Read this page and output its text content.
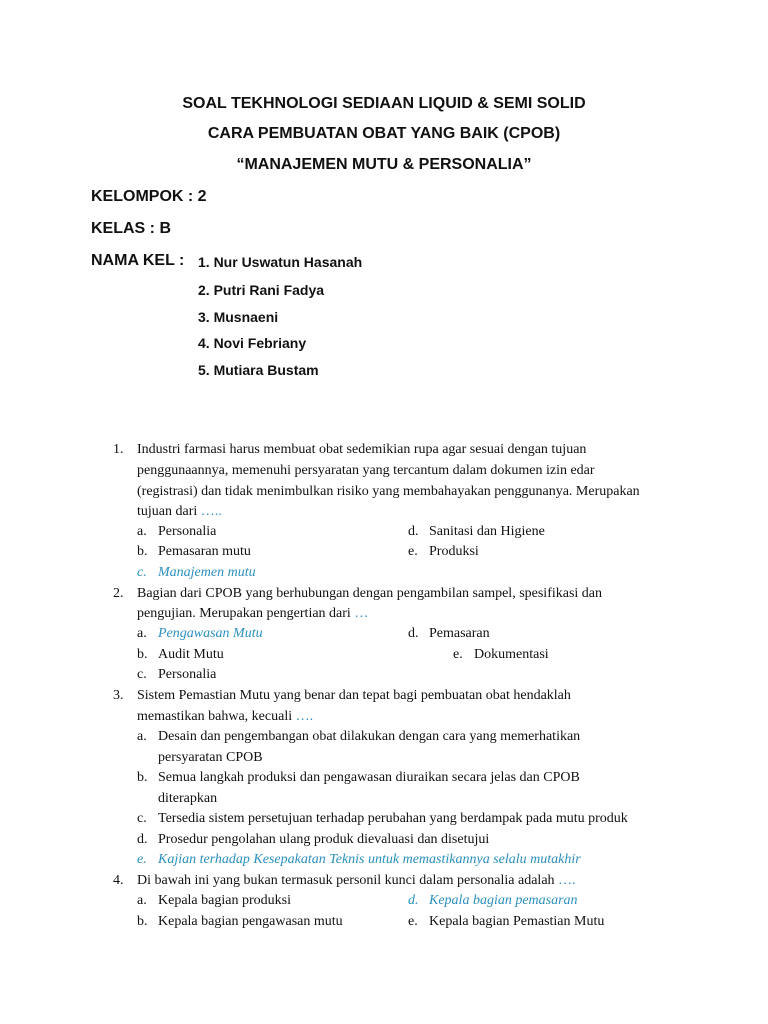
SOAL TEKHNOLOGI SEDIAAN LIQUID & SEMI SOLID
CARA PEMBUATAN OBAT YANG BAIK (CPOB)
“MANAJEMEN MUTU & PERSONALIA”
KELOMPOK : 2
KELAS : B
NAMA KEL : 1. Nur Uswatun Hasanah
2. Putri Rani Fadya
3. Musnaeni
4. Novi Febriany
5. Mutiara Bustam
1. Industri farmasi harus membuat obat sedemikian rupa agar sesuai dengan tujuan
penggunaannya, memenuhi persyaratan yang tercantum dalam dokumen izin edar
(registrasi) dan tidak menimbulkan risiko yang membahayakan penggunanya. Merupakan
tujuan dari …..
a. Personalia	d. Sanitasi dan Higiene
b. Pemasaran mutu	e. Produksi
c. Manajemen mutu
2. Bagian dari CPOB yang berhubungan dengan pengambilan sampel, spesifikasi dan
pengujian. Merupakan pengertian dari …
a. Pengawasan Mutu	d. Pemasaran
b. Audit Mutu	e. Dokumentasi
c. Personalia
3. Sistem Pemastian Mutu yang benar dan tepat bagi pembuatan obat hendaklah
memastikan bahwa, kecuali ….
a. Desain dan pengembangan obat dilakukan dengan cara yang memerhatikan
persyaratan CPOB
b. Semua langkah produksi dan pengawasan diuraikan secara jelas dan CPOB
diterapkan
c. Tersedia sistem persetujuan terhadap perubahan yang berdampak pada mutu produk
d. Prosedur pengolahan ulang produk dievaluasi dan disetujui
e. Kajian terhadap Kesepakatan Teknis untuk memastikannya selalu mutakhir
4. Di bawah ini yang bukan termasuk personil kunci dalam personalia adalah ….
a. Kepala bagian produksi	d. Kepala bagian pemasaran
b. Kepala bagian pengawasan mutu	e. Kepala bagian Pemastian Mutu
